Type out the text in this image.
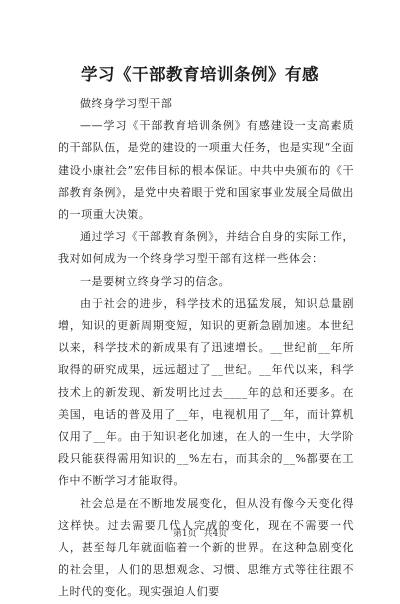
学习《干部教育培训条例》有感

做终身学习型干部

——学习《干部教育培训条例》有感建设一支高素质的干部队伍，是党的建设的一项重大任务，也是实现“全面建设小康社会”宏伟目标的根本保证。中共中央颁布的《干部教育条例》，是党中央着眼于党和国家事业发展全局做出的一项重大决策。

通过学习《干部教育条例》，并结合自身的实际工作，我对如何成为一个终身学习型干部有这样一些体会：

一是要树立终身学习的信念。

由于社会的进步，科学技术的迅猛发展，知识总量剧增，知识的更新周期变短，知识的更新急剧加速。本世纪以来，科学技术的新成果有了迅速增长。__世纪前__年所取得的研究成果，远远超过了__世纪。__年代以来，科学技术上的新发现、新发明比过去____年的总和还要多。在美国，电话的普及用了__年，电视机用了__年，而计算机仅用了__年。由于知识老化加速，在人的一生中，大学阶段只能获得需用知识的__%左右，而其余的__%都要在工作中不断学习才能取得。

社会总是在不断地发展变化，但从没有像今天变化得这样快。过去需要几代人完成的变化，现在不需要一代人，甚至每几年就面临着一个新的世界。在这种急剧变化的社会里，人们的思想观念、习惯、思维方式等往往跟不上时代的变化。现实强迫人们要

第1页 共4页
